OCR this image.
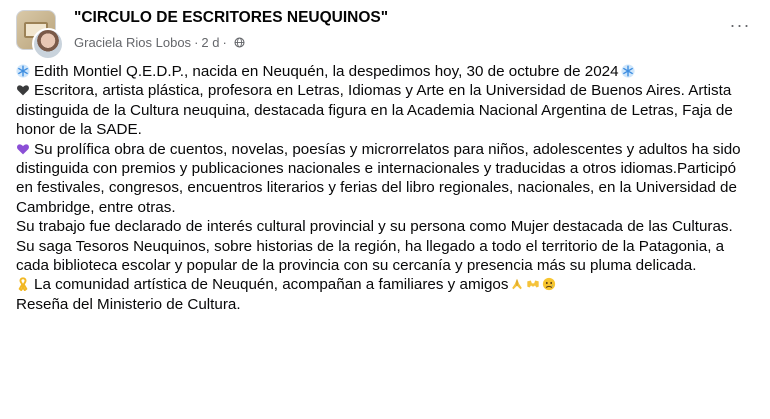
"CIRCULO DE ESCRITORES NEUQUINOS"
Graciela Rios Lobos · 2 d ·
···

Edith Montiel Q.E.D.P., nacida en Neuquén, la despedimos hoy, 30 de octubre de 2024

Escritora, artista plástica, profesora en Letras, Idiomas y Arte en la Universidad de Buenos Aires. Artista distinguida de la Cultura neuquina, destacada figura en la Academia Nacional Argentina de Letras, Faja de honor de la SADE.

Su prolífica obra de cuentos, novelas, poesías y microrrelatos para niños, adolescentes y adultos ha sido distinguida con premios y publicaciones nacionales e internacionales y traducidas a otros idiomas.Participó en festivales, congresos, encuentros literarios y ferias del libro regionales, nacionales, en la Universidad de Cambridge, entre otras.

Su trabajo fue declarado de interés cultural provincial y su persona como Mujer destacada de las Culturas.

Su saga Tesoros Neuquinos, sobre historias de la región, ha llegado a todo el territorio de la Patagonia, a cada biblioteca escolar y popular de la provincia con su cercanía y presencia más su pluma delicada.

La comunidad artística de Neuquén, acompañan a familiares y amigos

Reseña del Ministerio de Cultura.
